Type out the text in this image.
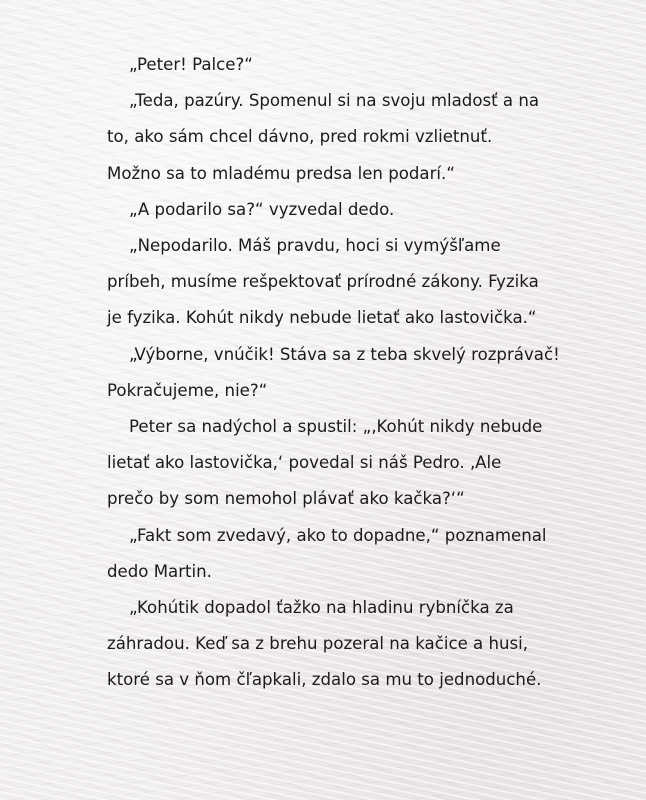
„Peter! Palce?“

„Teda, pazúry. Spomenul si na svoju mladosť a na
to, ako sám chcel dávno, pred rokmi vzlietnuť.
Možno sa to mladému predsa len podarí.“

„A podarilo sa?“ vyzvedal dedo.

„Nepodarilo. Máš pravdu, hoci si vymýšľame
príbeh, musíme rešpektovať prírodné zákony. Fyzika
je fyzika. Kohút nikdy nebude lietať ako lastovička.“

„Výborne, vnúčik! Stáva sa z teba skvelý rozprávač!
Pokračujeme, nie?“

Peter sa nadýchol a spustil: „‚Kohút nikdy nebude
lietať ako lastovička,‘ povedal si náš Pedro. ‚Ale
prečo by som nemohol plávať ako kačka?‘“

„Fakt som zvedavý, ako to dopadne,“ poznamenal
dedo Martin.

„Kohútik dopadol ťažko na hladinu rybníčka za
záhradou. Keď sa z brehu pozeral na kačice a husi,
ktoré sa v ňom čľapkali, zdalo sa mu to jednoduché.
